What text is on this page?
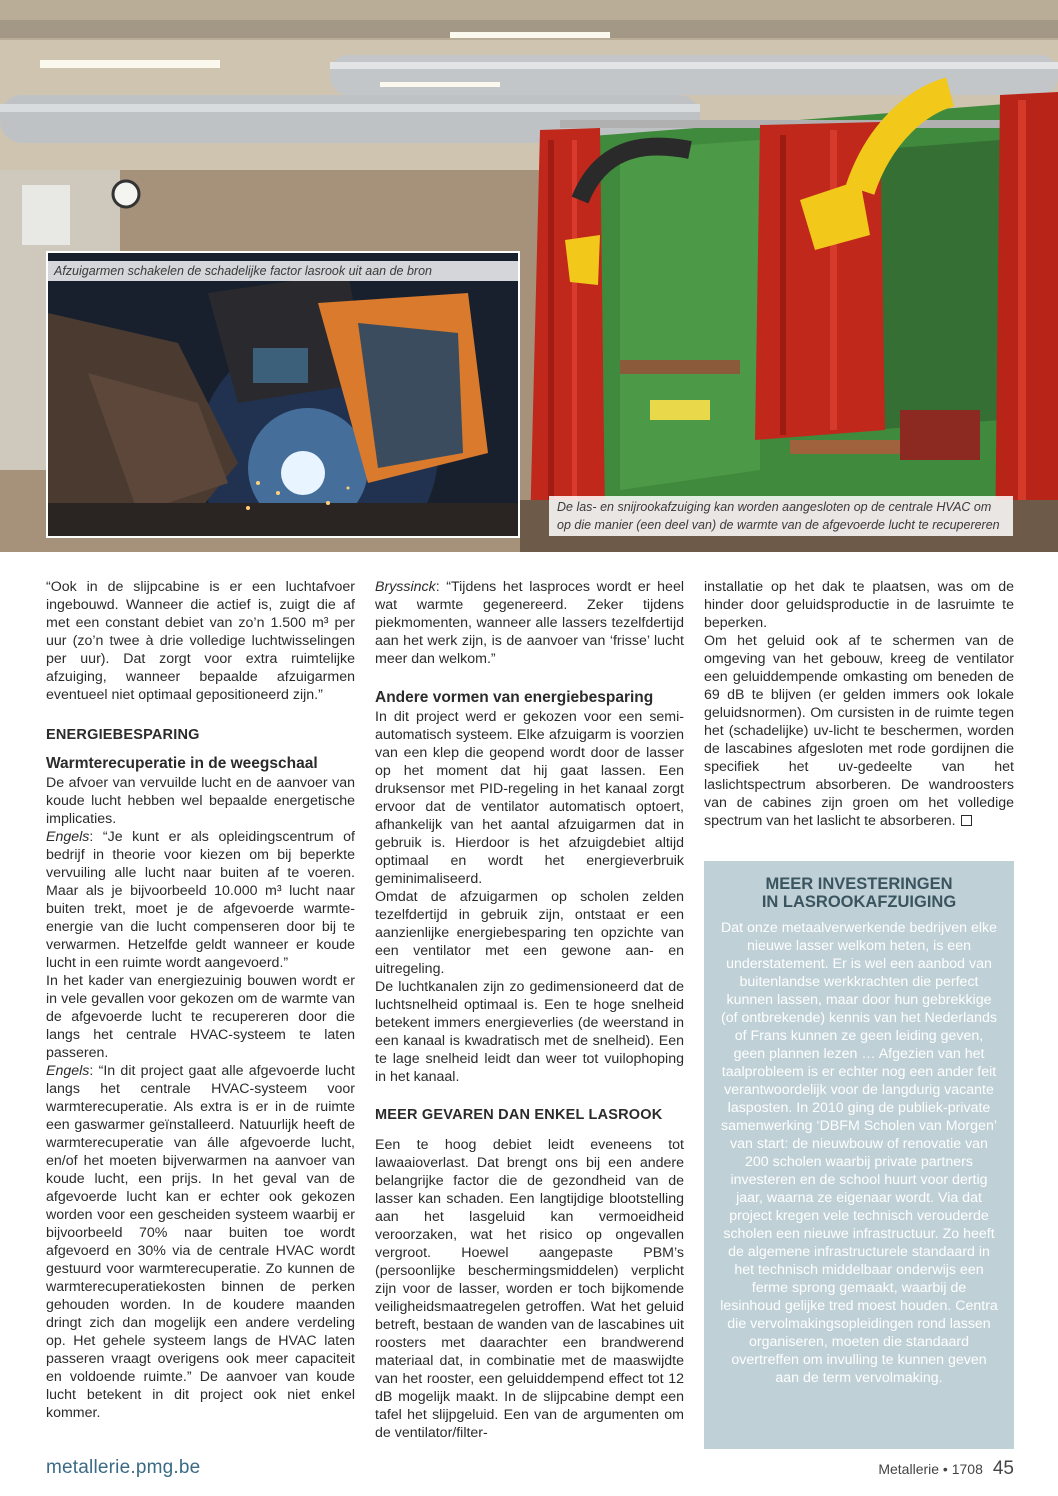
Afzuigarmen schakelen de schadelijke factor lasrook uit aan de bron
De las- en snijrookafzuiging kan worden aangesloten op de centrale HVAC om op die manier (een deel van) de warmte van de afgevoerde lucht te recupereren

“Ook in de slijpcabine is er een luchtafvoer ingebouwd. Wanneer die actief is, zuigt die af met een constant debiet van zo’n 1.500 m³ per uur (zo’n twee à drie volledige luchtwisselingen per uur). Dat zorgt voor extra ruimtelijke afzuiging, wanneer bepaalde afzuigarmen eventueel niet optimaal gepositioneerd zijn.”

ENERGIEBESPARING
Warmterecuperatie in de weegschaal

De afvoer van vervuilde lucht en de aanvoer van koude lucht hebben wel bepaalde energetische implicaties.

Engels: “Je kunt er als opleidingscentrum of bedrijf in theorie voor kiezen om bij beperkte vervuiling alle lucht naar buiten af te voeren. Maar als je bijvoorbeeld 10.000 m³ lucht naar buiten trekt, moet je de afgevoerde warmte-energie van die lucht compenseren door bij te verwarmen. Hetzelfde geldt wanneer er koude lucht in een ruimte wordt aangevoerd.”

In het kader van energiezuinig bouwen wordt er in vele gevallen voor gekozen om de warmte van de afgevoerde lucht te recupereren door die langs het centrale HVAC-systeem te laten passeren.

Engels: “In dit project gaat alle afgevoerde lucht langs het centrale HVAC-systeem voor warmterecuperatie. Als extra is er in de ruimte een gaswarmer geïnstalleerd. Natuurlijk heeft de warmterecuperatie van álle afgevoerde lucht, en/of het moeten bijverwarmen na aanvoer van koude lucht, een prijs. In het geval van de afgevoerde lucht kan er echter ook gekozen worden voor een gescheiden systeem waarbij er bijvoorbeeld 70% naar buiten toe wordt afgevoerd en 30% via de centrale HVAC wordt gestuurd voor warmterecuperatie. Zo kunnen de warmterecuperatiekosten binnen de perken gehouden worden. In de koudere maanden dringt zich dan mogelijk een andere verdeling op. Het gehele systeem langs de HVAC laten passeren vraagt overigens ook meer capaciteit en voldoende ruimte.” De aanvoer van koude lucht betekent in dit project ook niet enkel kommer.

Bryssinck: “Tijdens het lasproces wordt er heel wat warmte gegenereerd. Zeker tijdens piekmomenten, wanneer alle lassers tezelfdertijd aan het werk zijn, is de aanvoer van ‘frisse’ lucht meer dan welkom.”

Andere vormen van energiebesparing

In dit project werd er gekozen voor een semi-automatisch systeem. Elke afzuigarm is voorzien van een klep die geopend wordt door de lasser op het moment dat hij gaat lassen. Een druksensor met PID-regeling in het kanaal zorgt ervoor dat de ventilator automatisch optoert, afhankelijk van het aantal afzuigarmen dat in gebruik is. Hierdoor is het afzuigdebiet altijd optimaal en wordt het energieverbruik geminimaliseerd.

Omdat de afzuigarmen op scholen zelden tezelfdertijd in gebruik zijn, ontstaat er een aanzienlijke energiebesparing ten opzichte van een ventilator met een gewone aan- en uitregeling.

De luchtkanalen zijn zo gedimensioneerd dat de luchtsnelheid optimaal is. Een te hoge snelheid betekent immers energieverlies (de weerstand in een kanaal is kwadratisch met de snelheid). Een te lage snelheid leidt dan weer tot vuilophoping in het kanaal.

MEER GEVAREN DAN ENKEL LASROOK

Een te hoog debiet leidt eveneens tot lawaaioverlast. Dat brengt ons bij een andere belangrijke factor die de gezondheid van de lasser kan schaden. Een langtijdige blootstelling aan het lasgeluid kan vermoeidheid veroorzaken, wat het risico op ongevallen vergroot. Hoewel aangepaste PBM’s (persoonlijke beschermingsmiddelen) verplicht zijn voor de lasser, worden er toch bijkomende veiligheidsmaatregelen getroffen. Wat het geluid betreft, bestaan de wanden van de lascabines uit roosters met daarachter een brandwerend materiaal dat, in combinatie met de maaswijdte van het rooster, een geluiddempend effect tot 12 dB mogelijk maakt. In de slijpcabine dempt een tafel het slijpgeluid. Een van de argumenten om de ventilator/filter-

installatie op het dak te plaatsen, was om de hinder door geluidsproductie in de lasruimte te beperken.

Om het geluid ook af te schermen van de omgeving van het gebouw, kreeg de ventilator een geluiddempende omkasting om beneden de 69 dB te blijven (er gelden immers ook lokale geluidsnormen). Om cursisten in de ruimte tegen het (schadelijke) uv-licht te beschermen, worden de lascabines afgesloten met rode gordijnen die specifiek het uv-gedeelte van het laslichtspectrum absorberen. De wandroosters van de cabines zijn groen om het volledige spectrum van het laslicht te absorberen.

MEER INVESTERINGEN
IN LASROOKAFZUIGING
Dat onze metaalverwerkende bedrijven elke nieuwe lasser welkom heten, is een understatement. Er is wel een aanbod van buitenlandse werkkrachten die perfect kunnen lassen, maar door hun gebrekkige (of ontbrekende) kennis van het Nederlands of Frans kunnen ze geen leiding geven, geen plannen lezen … Afgezien van het taalprobleem is er echter nog een ander feit verantwoordelijk voor de langdurig vacante lasposten. In 2010 ging de publiek-private samenwerking ‘DBFM Scholen van Morgen’ van start: de nieuwbouw of renovatie van 200 scholen waarbij private partners investeren en de school huurt voor dertig jaar, waarna ze eigenaar wordt. Via dat project kregen vele technisch verouderde scholen een nieuwe infrastructuur. Zo heeft de algemene infrastructurele standaard in het technisch middelbaar onderwijs een ferme sprong gemaakt, waarbij de lesinhoud gelijke tred moest houden. Centra die vervolmakingsopleidingen rond lassen organiseren, moeten die standaard overtreffen om invulling te kunnen geven aan de term vervolmaking.
metallerie.pmg.be	Metallerie • 1708 45
